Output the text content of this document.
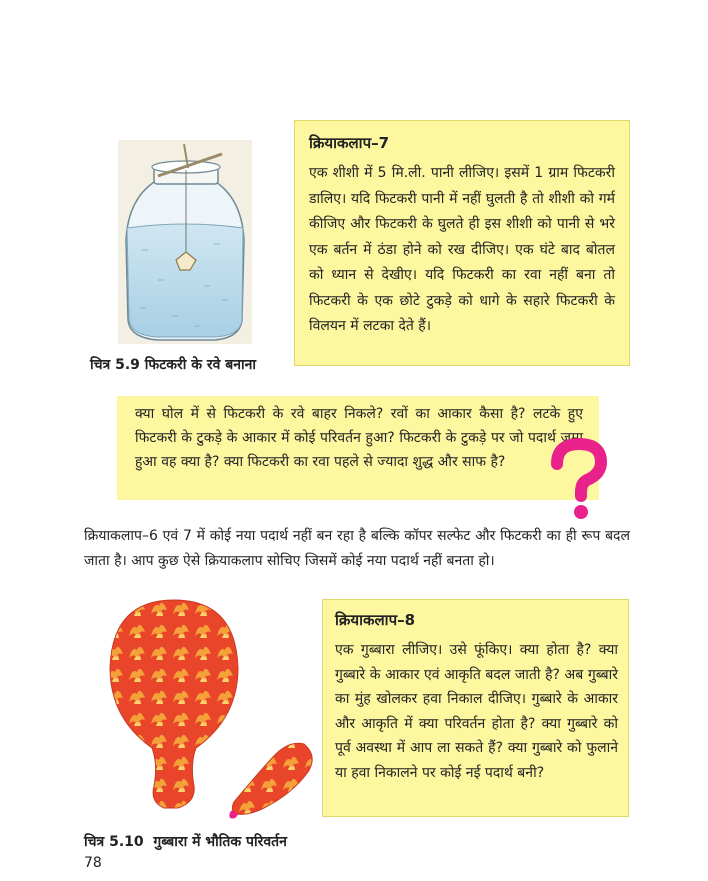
चित्र 5.9 फिटकरी के रवे बनाना
क्रियाकलाप–7
एक शीशी में 5 मि.ली. पानी लीजिए। इसमें 1 ग्राम फिटकरी डालिए। यदि फिटकरी पानी में नहीं घुलती है तो शीशी को गर्म कीजिए और फिटकरी के घुलते ही इस शीशी को पानी से भरे एक बर्तन में ठंडा होने को रख दीजिए। एक घंटे बाद बोतल को ध्यान से देखीए। यदि फिटकरी का रवा नहीं बना तो फिटकरी के एक छोटे टुकड़े को धागे के सहारे फिटकरी के विलयन में लटका देते हैं।
क्या घोल में से फिटकरी के रवे बाहर निकले? रवों का आकार कैसा है? लटके हुए फिटकरी के टुकड़े के आकार में कोई परिवर्तन हुआ? फिटकरी के टुकड़े पर जो पदार्थ जमा हुआ वह क्या है? क्या फिटकरी का रवा पहले से ज्यादा शुद्ध और साफ है?
क्रियाकलाप–6 एवं 7 में कोई नया पदार्थ नहीं बन रहा है बल्कि कॉपर सल्फेट और फिटकरी का ही रूप बदल जाता है। आप कुछ ऐसे क्रियाकलाप सोचिए जिसमें कोई नया पदार्थ नहीं बनता हो।
क्रियाकलाप–8
एक गुब्बारा लीजिए। उसे फूंकिए। क्या होता है? क्या गुब्बारे के आकार एवं आकृति बदल जाती है? अब गुब्बारे का मुंह खोलकर हवा निकाल दीजिए। गुब्बारे के आकार और आकृति में क्या परिवर्तन होता है? क्या गुब्बारे को पूर्व अवस्था में आप ला सकते हैं? क्या गुब्बारे को फुलाने या हवा निकालने पर कोई नई पदार्थ बनी?
चित्र 5.10  गुब्बारा में भौतिक परिवर्तन
78
